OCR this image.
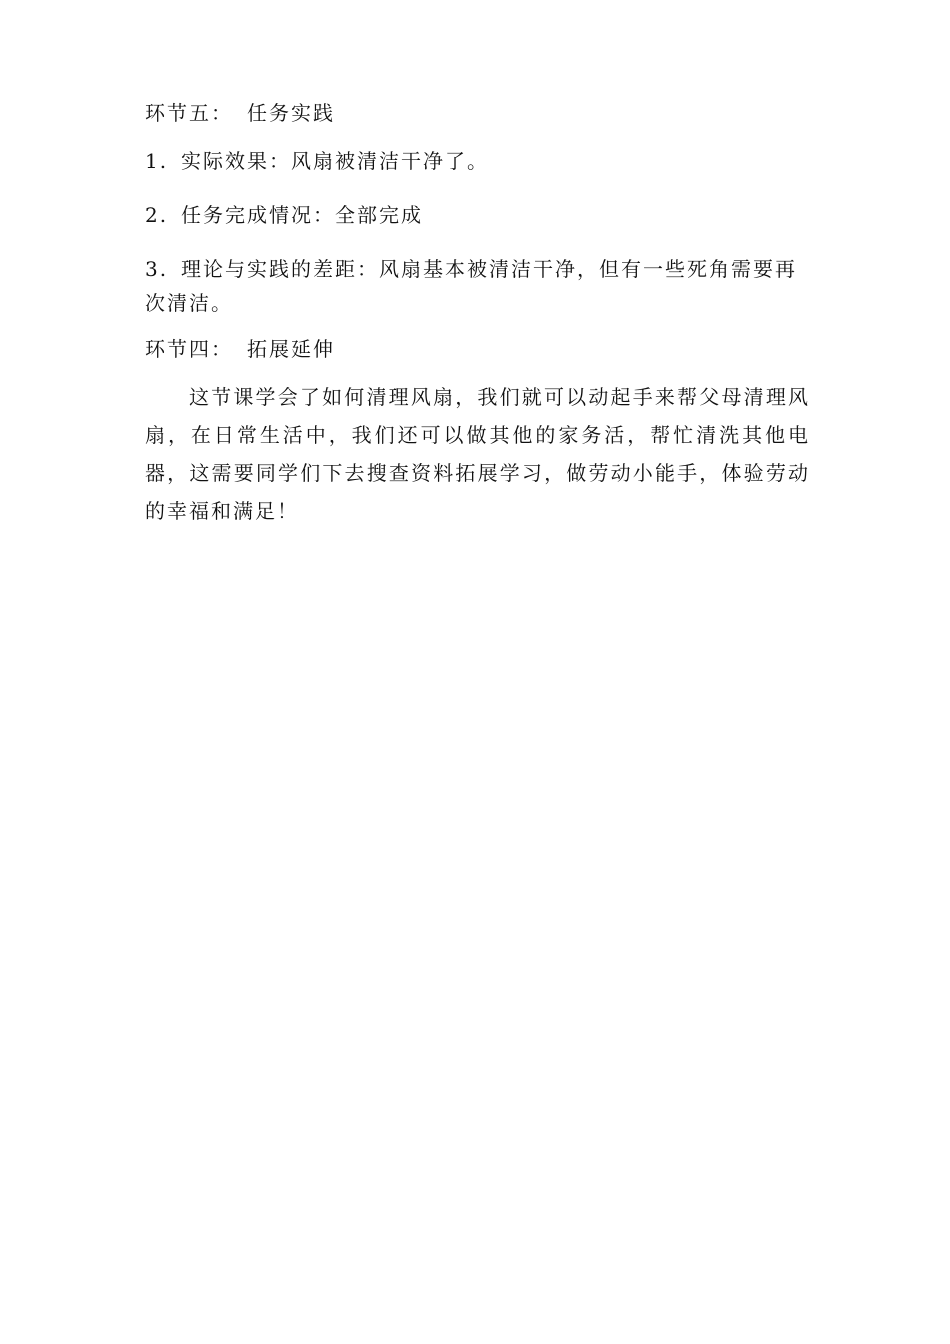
环节五： 任务实践
1. 实际效果：风扇被清洁干净了。
2. 任务完成情况：全部完成
3. 理论与实践的差距：风扇基本被清洁干净，但有一些死角需要再次清洁。
环节四： 拓展延伸
这节课学会了如何清理风扇，我们就可以动起手来帮父母清理风扇，在日常生活中，我们还可以做其他的家务活，帮忙清洗其他电器，这需要同学们下去搜查资料拓展学习，做劳动小能手，体验劳动的幸福和满足！
